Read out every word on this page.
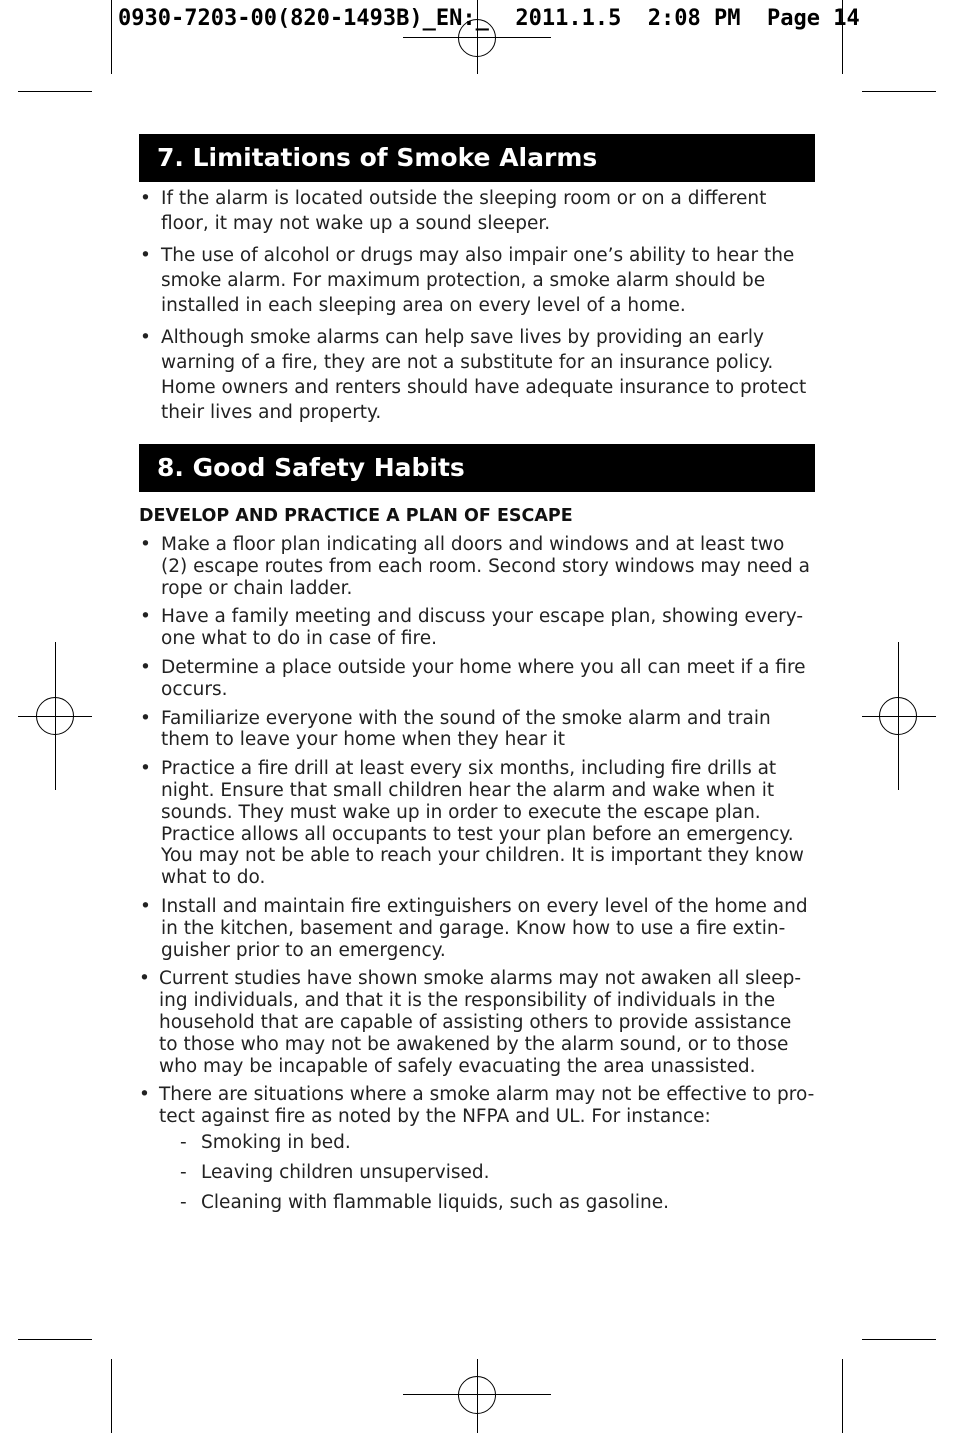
0930-7203-00(820-1493B)_EN:_  2011.1.5  2:08 PM  Page 14
7. Limitations of Smoke Alarms
• If the alarm is located outside the sleeping room or on a different floor, it may not wake up a sound sleeper.
• The use of alcohol or drugs may also impair one’s ability to hear the smoke alarm. For maximum protection, a smoke alarm should be installed in each sleeping area on every level of a home.
• Although smoke alarms can help save lives by providing an early warning of a fire, they are not a substitute for an insurance policy. Home owners and renters should have adequate insurance to protect their lives and property.
8. Good Safety Habits
DEVELOP AND PRACTICE A PLAN OF ESCAPE
• Make a floor plan indicating all doors and windows and at least two (2) escape routes from each room. Second story windows may need a rope or chain ladder.
• Have a family meeting and discuss your escape plan, showing every-one what to do in case of fire.
• Determine a place outside your home where you all can meet if a fire occurs.
• Familiarize everyone with the sound of the smoke alarm and train them to leave your home when they hear it
• Practice a fire drill at least every six months, including fire drills at night. Ensure that small children hear the alarm and wake when it sounds. They must wake up in order to execute the escape plan. Practice allows all occupants to test your plan before an emergency. You may not be able to reach your children. It is important they know what to do.
• Install and maintain fire extinguishers on every level of the home and in the kitchen, basement and garage. Know how to use a fire extin-guisher prior to an emergency.
• Current studies have shown smoke alarms may not awaken all sleep-ing individuals, and that it is the responsibility of individuals in the household that are capable of assisting others to provide assistance to those who may not be awakened by the alarm sound, or to those who may be incapable of safely evacuating the area unassisted.
• There are situations where a smoke alarm may not be effective to pro-tect against fire as noted by the NFPA and UL. For instance:
- Smoking in bed.
- Leaving children unsupervised.
- Cleaning with flammable liquids, such as gasoline.
